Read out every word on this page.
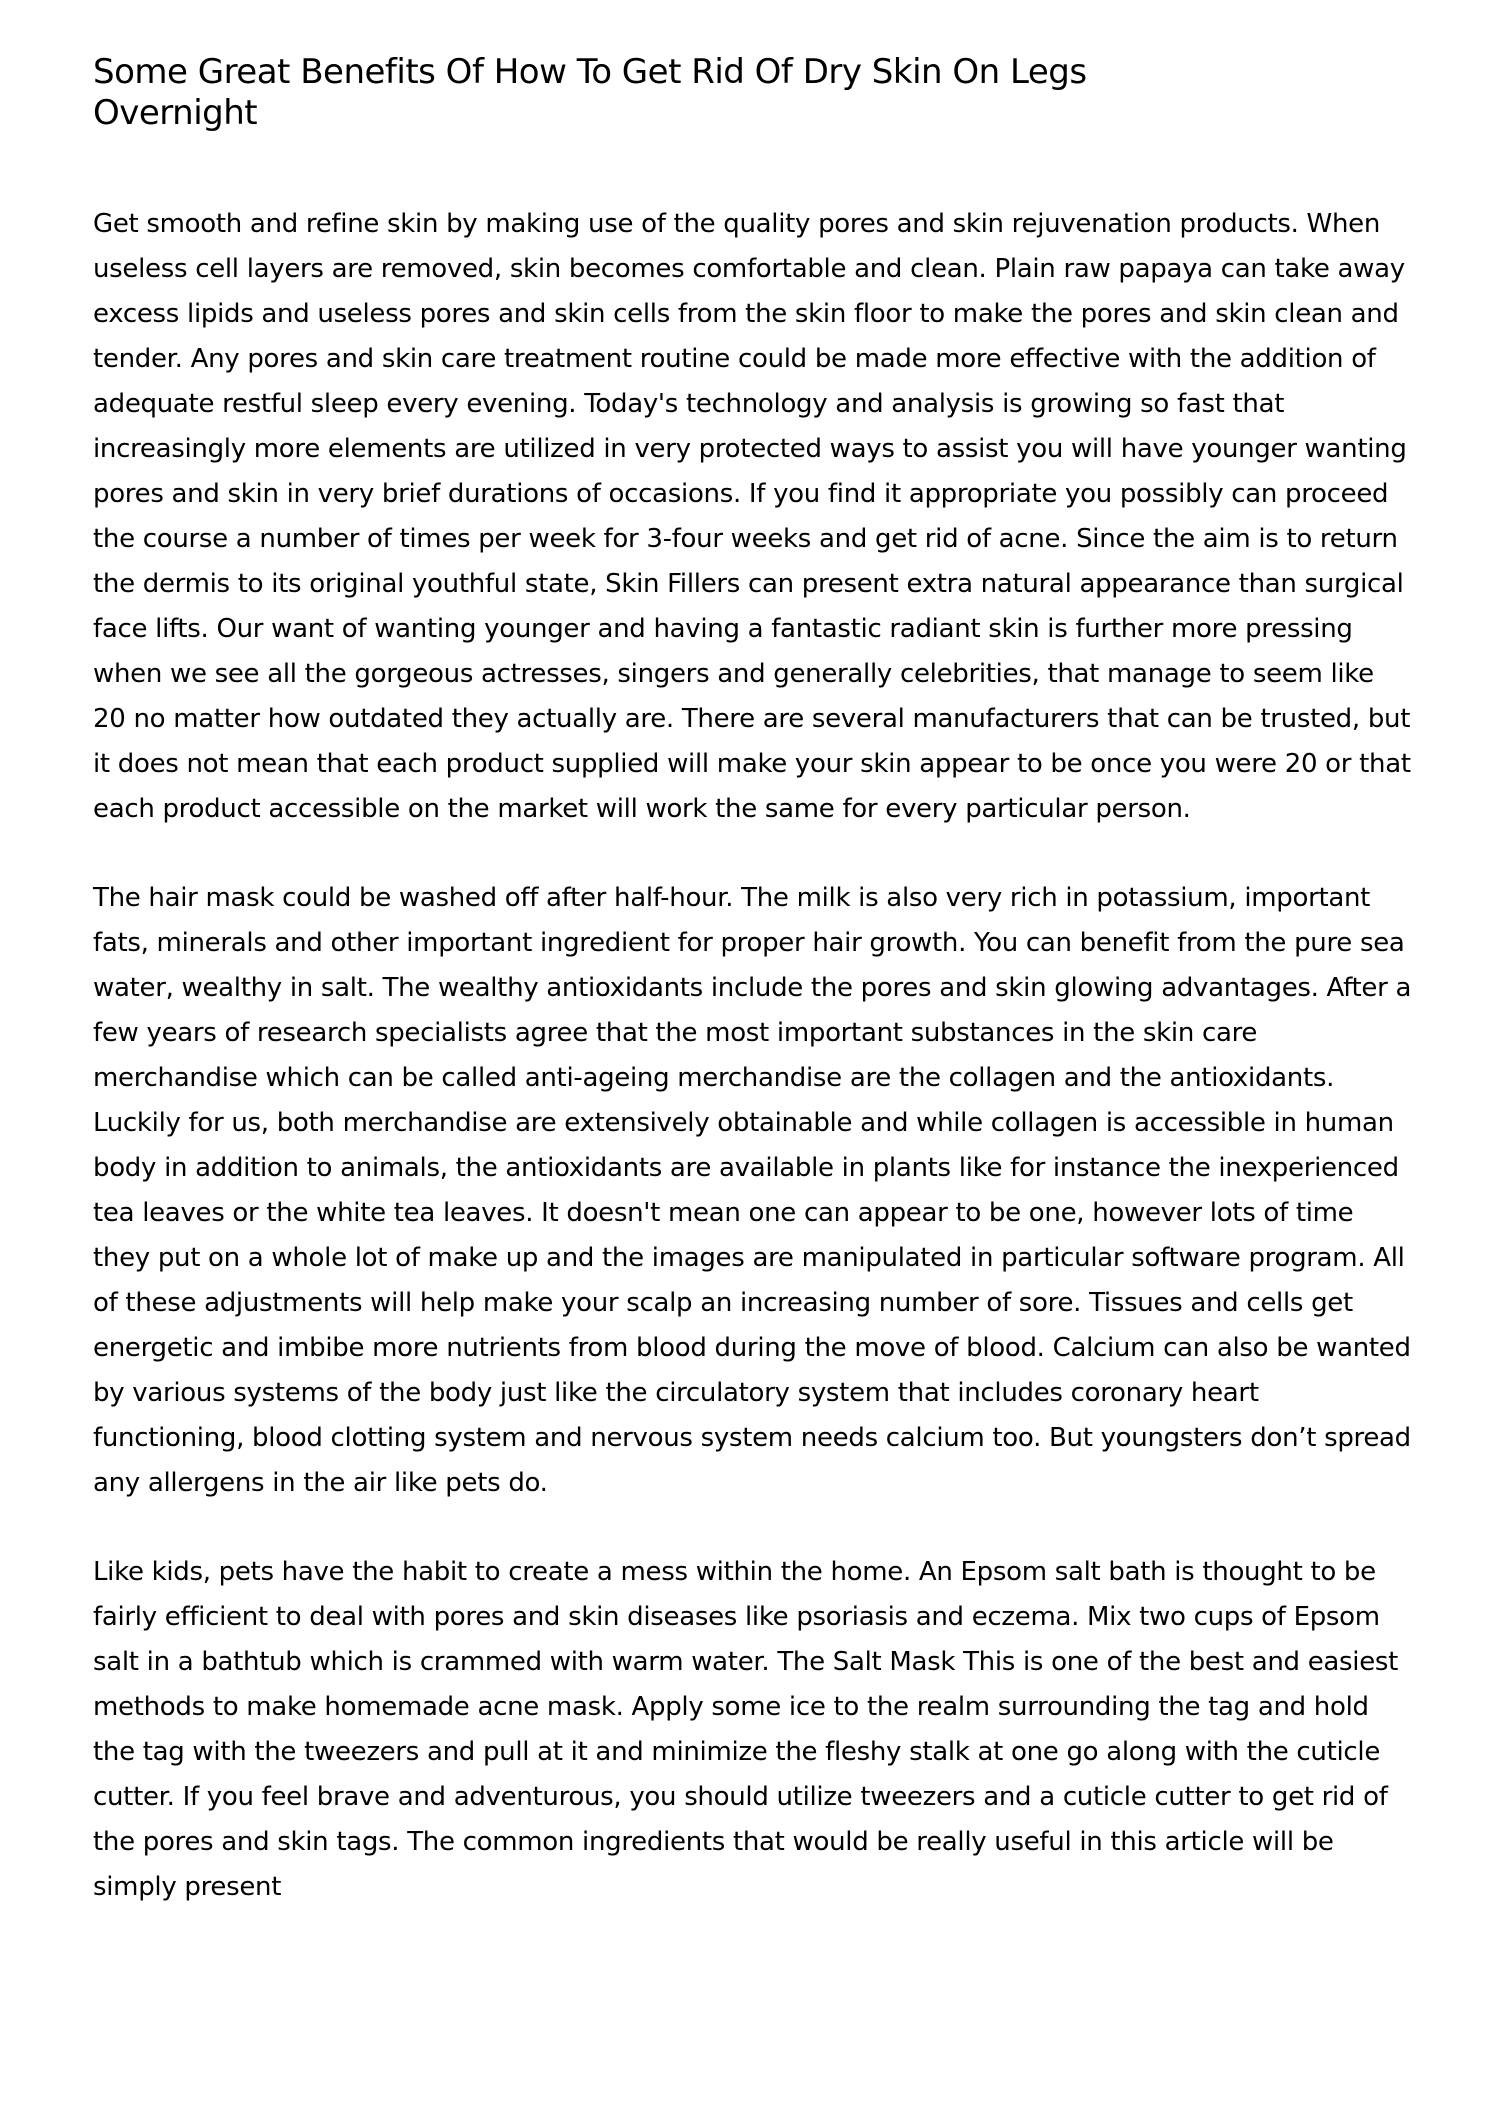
Some Great Benefits Of How To Get Rid Of Dry Skin On Legs Overnight

Get smooth and refine skin by making use of the quality pores and skin rejuvenation products. When useless cell layers are removed, skin becomes comfortable and clean. Plain raw papaya can take away excess lipids and useless pores and skin cells from the skin floor to make the pores and skin clean and tender. Any pores and skin care treatment routine could be made more effective with the addition of adequate restful sleep every evening. Today's technology and analysis is growing so fast that increasingly more elements are utilized in very protected ways to assist you will have younger wanting pores and skin in very brief durations of occasions. If you find it appropriate you possibly can proceed the course a number of times per week for 3-four weeks and get rid of acne. Since the aim is to return the dermis to its original youthful state, Skin Fillers can present extra natural appearance than surgical face lifts. Our want of wanting younger and having a fantastic radiant skin is further more pressing when we see all the gorgeous actresses, singers and generally celebrities, that manage to seem like 20 no matter how outdated they actually are. There are several manufacturers that can be trusted, but it does not mean that each product supplied will make your skin appear to be once you were 20 or that each product accessible on the market will work the same for every particular person.

The hair mask could be washed off after half-hour. The milk is also very rich in potassium, important fats, minerals and other important ingredient for proper hair growth. You can benefit from the pure sea water, wealthy in salt. The wealthy antioxidants include the pores and skin glowing advantages. After a few years of research specialists agree that the most important substances in the skin care merchandise which can be called anti-ageing merchandise are the collagen and the antioxidants. Luckily for us, both merchandise are extensively obtainable and while collagen is accessible in human body in addition to animals, the antioxidants are available in plants like for instance the inexperienced tea leaves or the white tea leaves. It doesn't mean one can appear to be one, however lots of time they put on a whole lot of make up and the images are manipulated in particular software program. All of these adjustments will help make your scalp an increasing number of sore. Tissues and cells get energetic and imbibe more nutrients from blood during the move of blood. Calcium can also be wanted by various systems of the body just like the circulatory system that includes coronary heart functioning, blood clotting system and nervous system needs calcium too. But youngsters don’t spread any allergens in the air like pets do.

Like kids, pets have the habit to create a mess within the home. An Epsom salt bath is thought to be fairly efficient to deal with pores and skin diseases like psoriasis and eczema. Mix two cups of Epsom salt in a bathtub which is crammed with warm water. The Salt Mask This is one of the best and easiest methods to make homemade acne mask. Apply some ice to the realm surrounding the tag and hold the tag with the tweezers and pull at it and minimize the fleshy stalk at one go along with the cuticle cutter. If you feel brave and adventurous, you should utilize tweezers and a cuticle cutter to get rid of the pores and skin tags. The common ingredients that would be really useful in this article will be simply present
